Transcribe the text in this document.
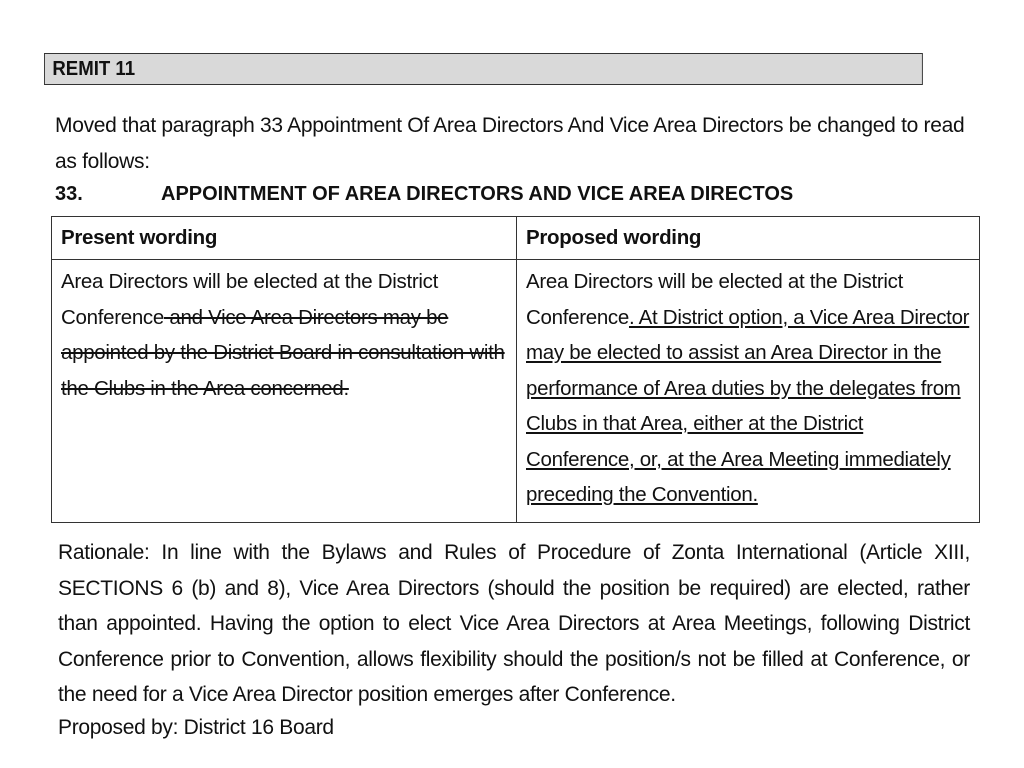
REMIT 11
Moved that paragraph 33 Appointment Of Area Directors And Vice Area Directors be changed to read as follows:
33.	APPOINTMENT OF AREA DIRECTORS AND VICE AREA DIRECTOS
Present wording	Proposed wording
Area Directors will be elected at the District Conference and Vice Area Directors may be appointed by the District Board in consultation with the Clubs in the Area concerned.	Area Directors will be elected at the District Conference. At District option, a Vice Area Director may be elected to assist an Area Director in the performance of Area duties by the delegates from Clubs in that Area, either at the District Conference, or, at the Area Meeting immediately preceding the Convention.
Rationale: In line with the Bylaws and Rules of Procedure of Zonta International (Article XIII, SECTIONS 6 (b) and 8), Vice Area Directors (should the position be required) are elected, rather than appointed. Having the option to elect Vice Area Directors at Area Meetings, following District Conference prior to Convention, allows flexibility should the position/s not be filled at Conference, or the need for a Vice Area Director position emerges after Conference.
Proposed by: District 16 Board
